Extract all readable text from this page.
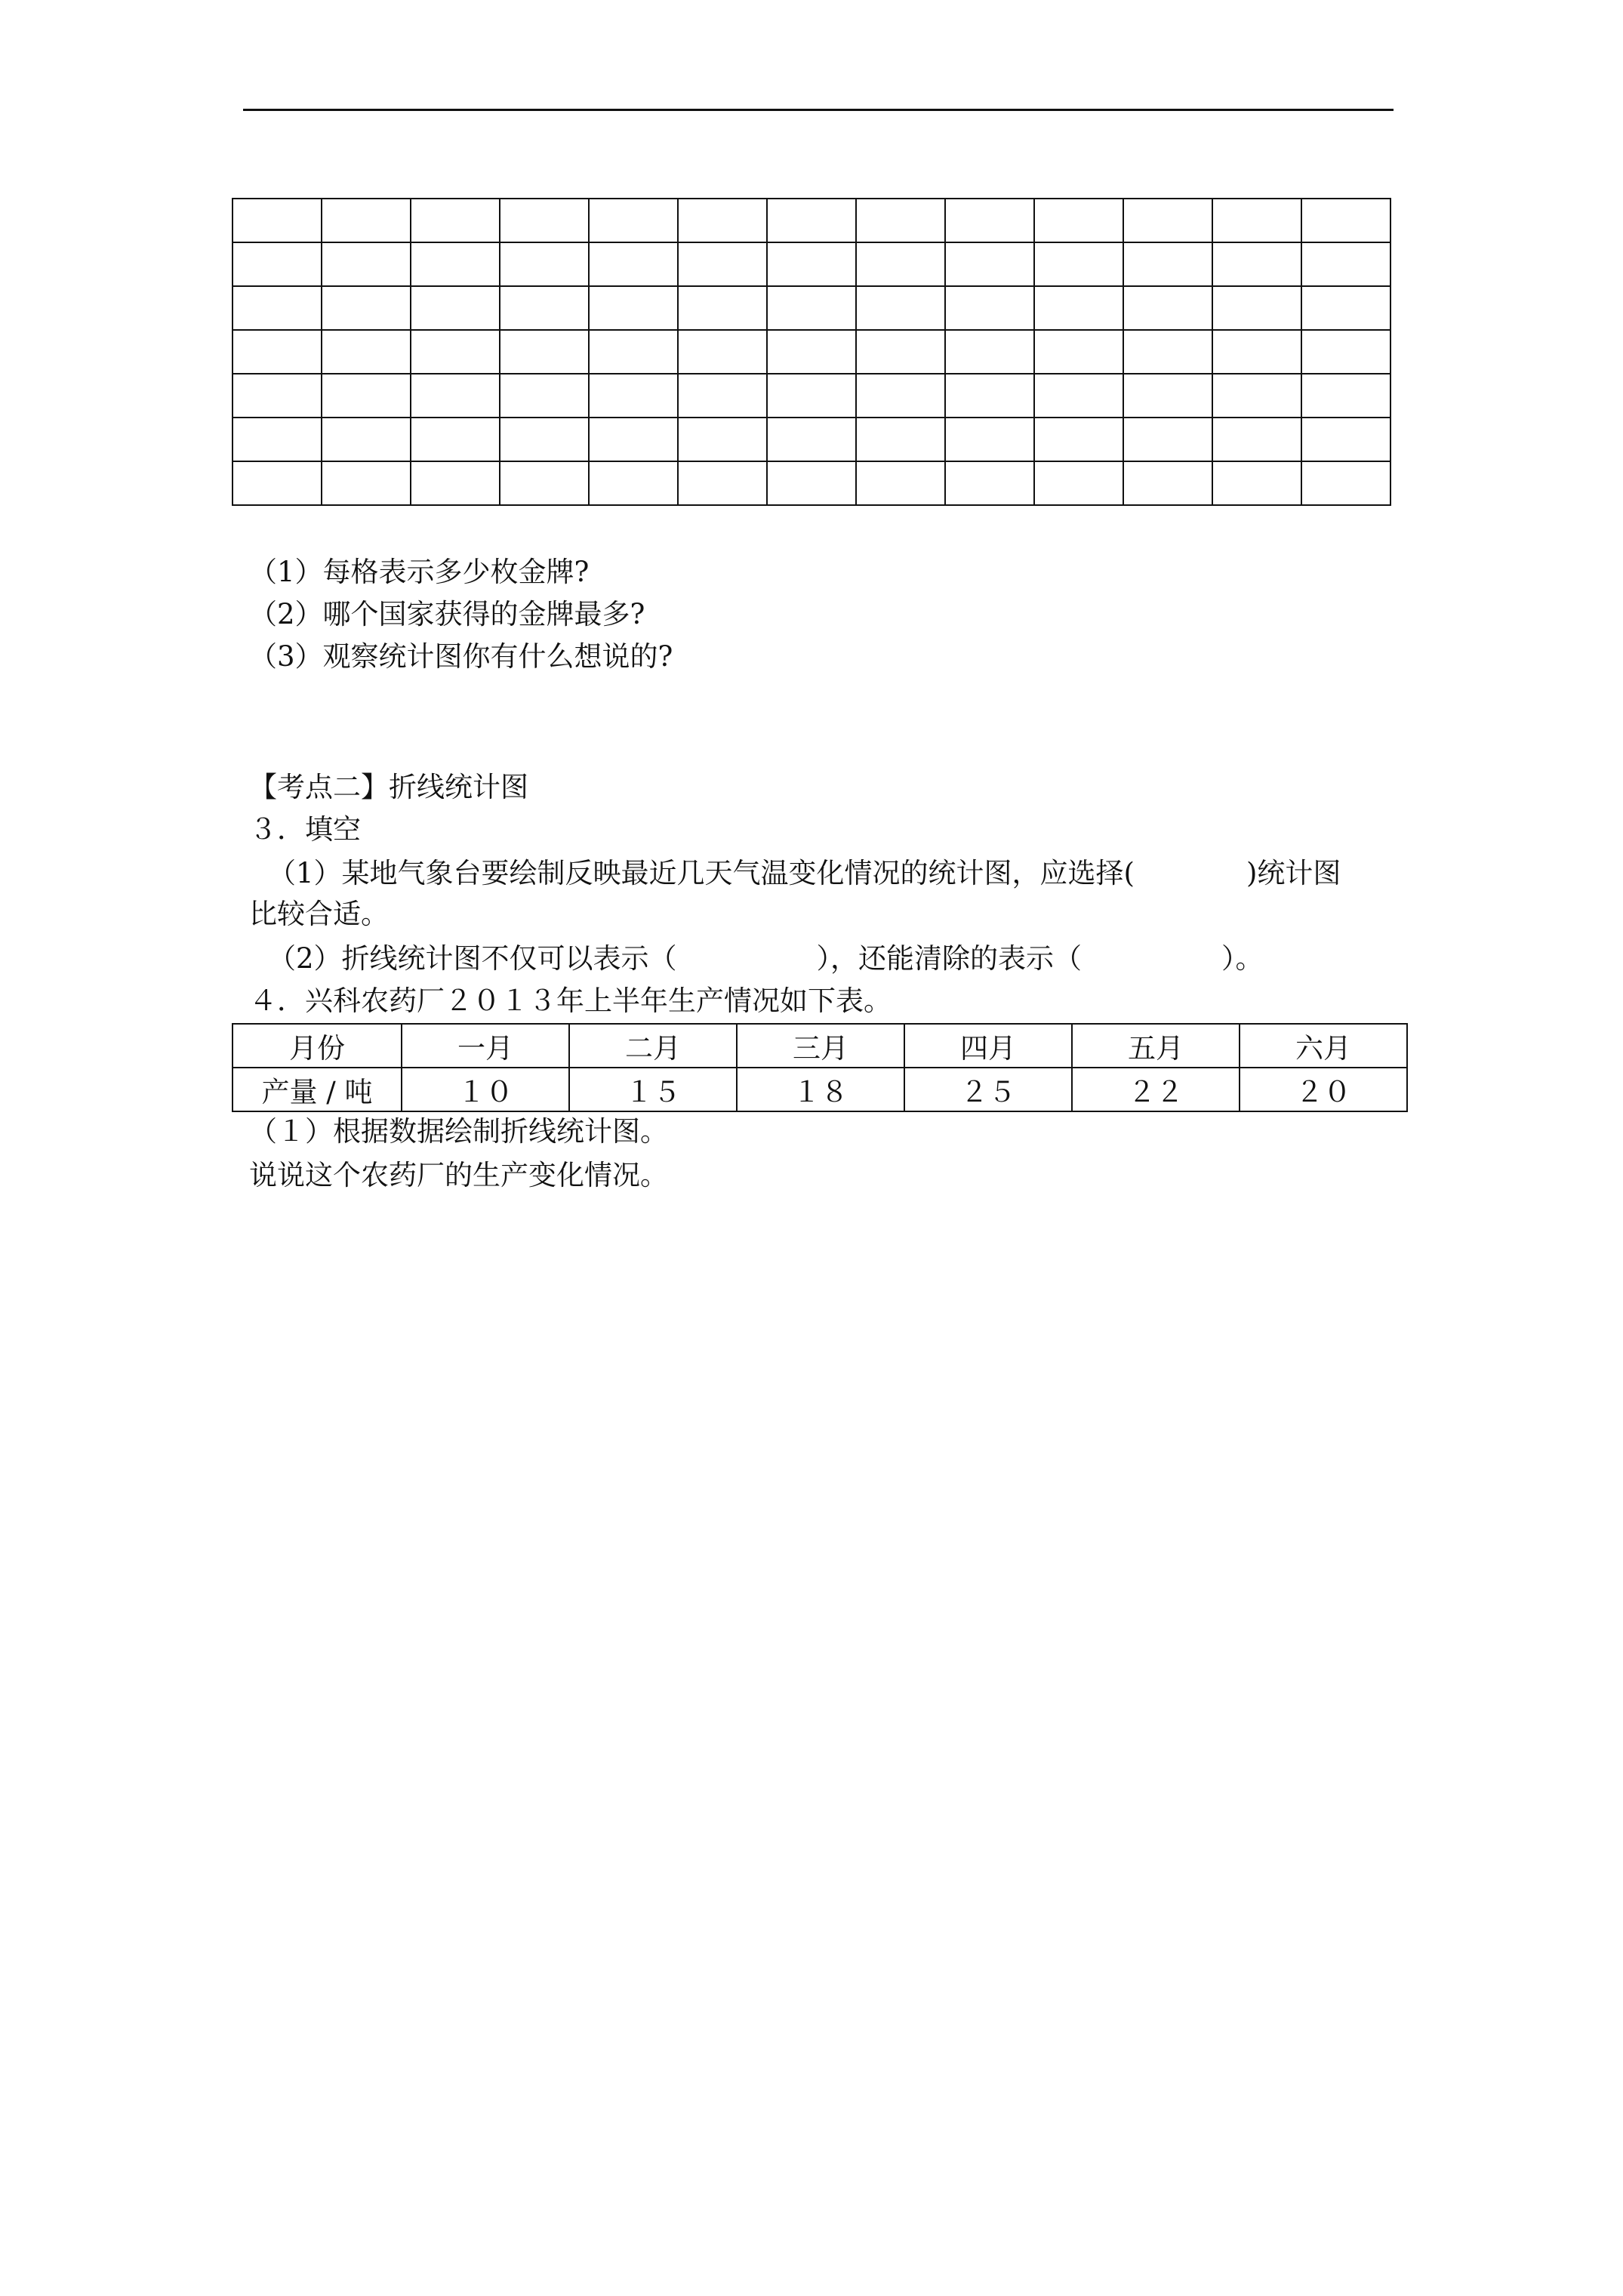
（1）每格表示多少枚金牌?
（2）哪个国家获得的金牌最多?
（3）观察统计图你有什么想说的?
【考点二】折线统计图
３．填空
（1）某地气象台要绘制反映最近几天气温变化情况的统计图，应选择(　　　　)统计图
比较合适。
（2）折线统计图不仅可以表示（　　　　　），还能清除的表示（　　　　　）。
４．兴科农药厂２０１３年上半年生产情况如下表。
月份	一月	二月	三月	四月	五月	六月
产量 / 吨	１０	１５	１８	２５	２２	２０
（１）根据数据绘制折线统计图。
说说这个农药厂的生产变化情况。
